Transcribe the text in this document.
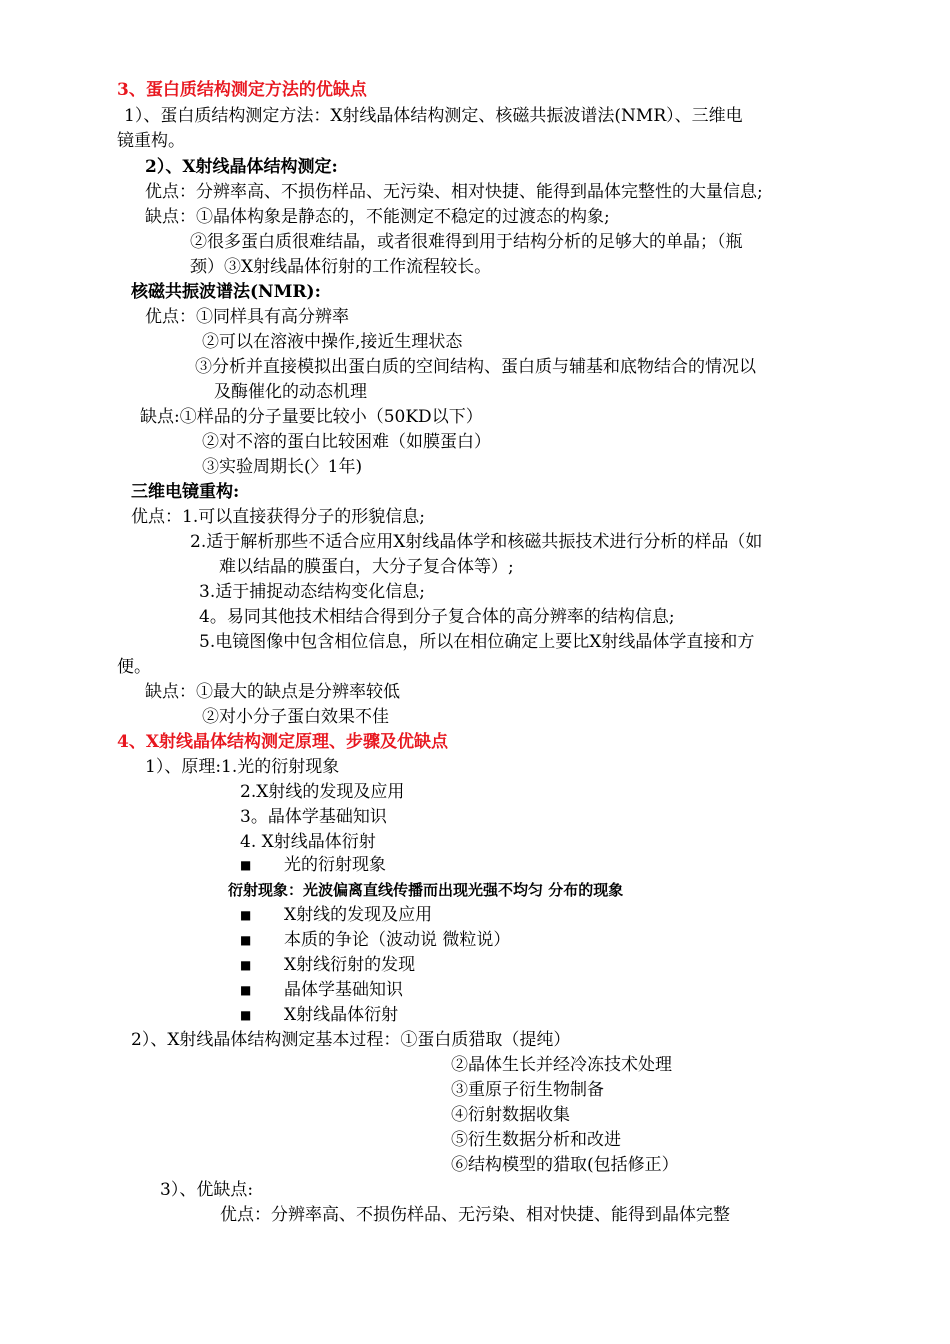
3、蛋白质结构测定方法的优缺点
1）、蛋白质结构测定方法：X射线晶体结构测定、核磁共振波谱法(NMR）、三维电
镜重构。
2）、X射线晶体结构测定:
优点：分辨率高、不损伤样品、无污染、相对快捷、能得到晶体完整性的大量信息;
缺点：①晶体构象是静态的，不能测定不稳定的过渡态的构象;
②很多蛋白质很难结晶，或者很难得到用于结构分析的足够大的单晶；（瓶
颈）③X射线晶体衍射的工作流程较长。
核磁共振波谱法(NMR):
优点：①同样具有高分辨率
②可以在溶液中操作,接近生理状态
③分析并直接模拟出蛋白质的空间结构、蛋白质与辅基和底物结合的情况以
及酶催化的动态机理
缺点:①样品的分子量要比较小（50KD以下）
②对不溶的蛋白比较困难（如膜蛋白）
③实验周期长(〉1年)
三维电镜重构:
优点：1.可以直接获得分子的形貌信息;
2.适于解析那些不适合应用X射线晶体学和核磁共振技术进行分析的样品（如
难以结晶的膜蛋白，大分子复合体等）;
3.适于捕捉动态结构变化信息;
4。易同其他技术相结合得到分子复合体的高分辨率的结构信息;
5.电镜图像中包含相位信息，所以在相位确定上要比X射线晶体学直接和方
便。
缺点：①最大的缺点是分辨率较低
②对小分子蛋白效果不佳
4、X射线晶体结构测定原理、步骤及优缺点
1）、原理:1.光的衍射现象
2.X射线的发现及应用
3。晶体学基础知识
4. X射线晶体衍射
■ 光的衍射现象
衍射现象：光波偏离直线传播而出现光强不均匀 分布的现象
■ X射线的发现及应用
■ 本质的争论（波动说 微粒说）
■ X射线衍射的发现
■ 晶体学基础知识
■ X射线晶体衍射
2）、X射线晶体结构测定基本过程：①蛋白质猎取（提纯）
②晶体生长并经冷冻技术处理
③重原子衍生物制备
④衍射数据收集
⑤衍生数据分析和改进
⑥结构模型的猎取(包括修正）
3）、优缺点:
优点：分辨率高、不损伤样品、无污染、相对快捷、能得到晶体完整
